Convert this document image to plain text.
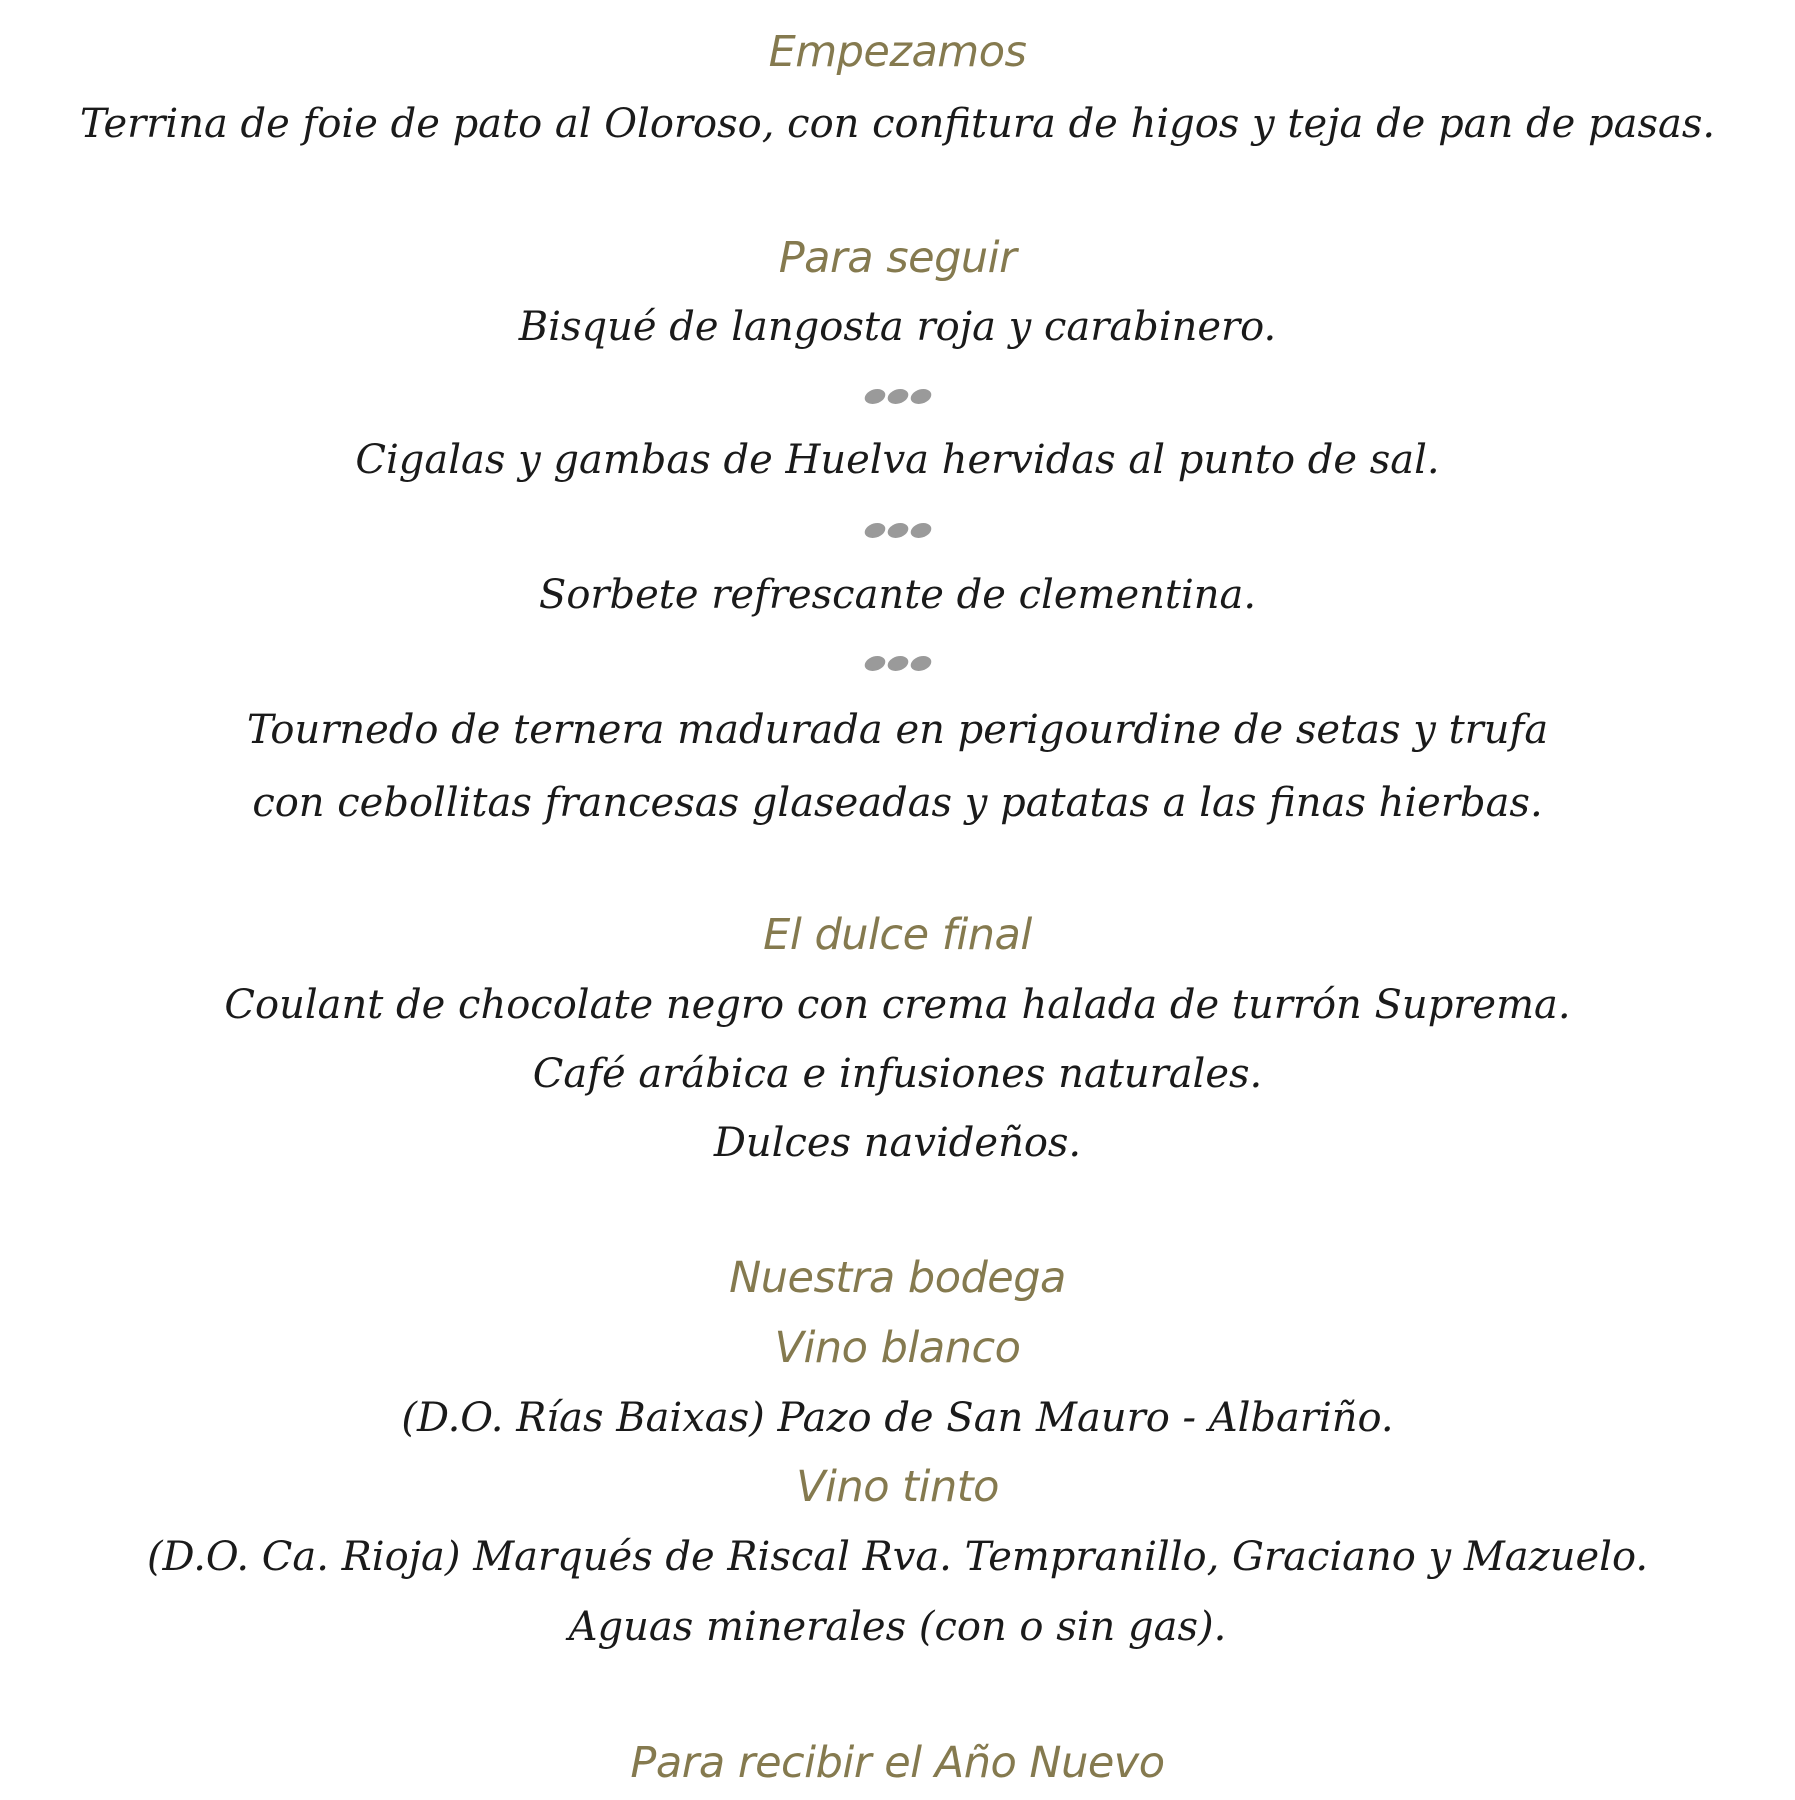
Empezamos
Terrina de foie de pato al Oloroso, con confitura de higos y teja de pan de pasas.
Para seguir
Bisqué de langosta roja y carabinero.
Cigalas y gambas de Huelva hervidas al punto de sal.
Sorbete refrescante de clementina.
Tournedo de ternera madurada en perigourdine de setas y trufa
con cebollitas francesas glaseadas y patatas a las finas hierbas.
El dulce final
Coulant de chocolate negro con crema halada de turrón Suprema.
Café arábica e infusiones naturales.
Dulces navideños.
Nuestra bodega
Vino blanco
(D.O. Rías Baixas) Pazo de San Mauro - Albariño.
Vino tinto
(D.O. Ca. Rioja) Marqués de Riscal Rva. Tempranillo, Graciano y Mazuelo.
Aguas minerales (con o sin gas).
Para recibir el Año Nuevo
